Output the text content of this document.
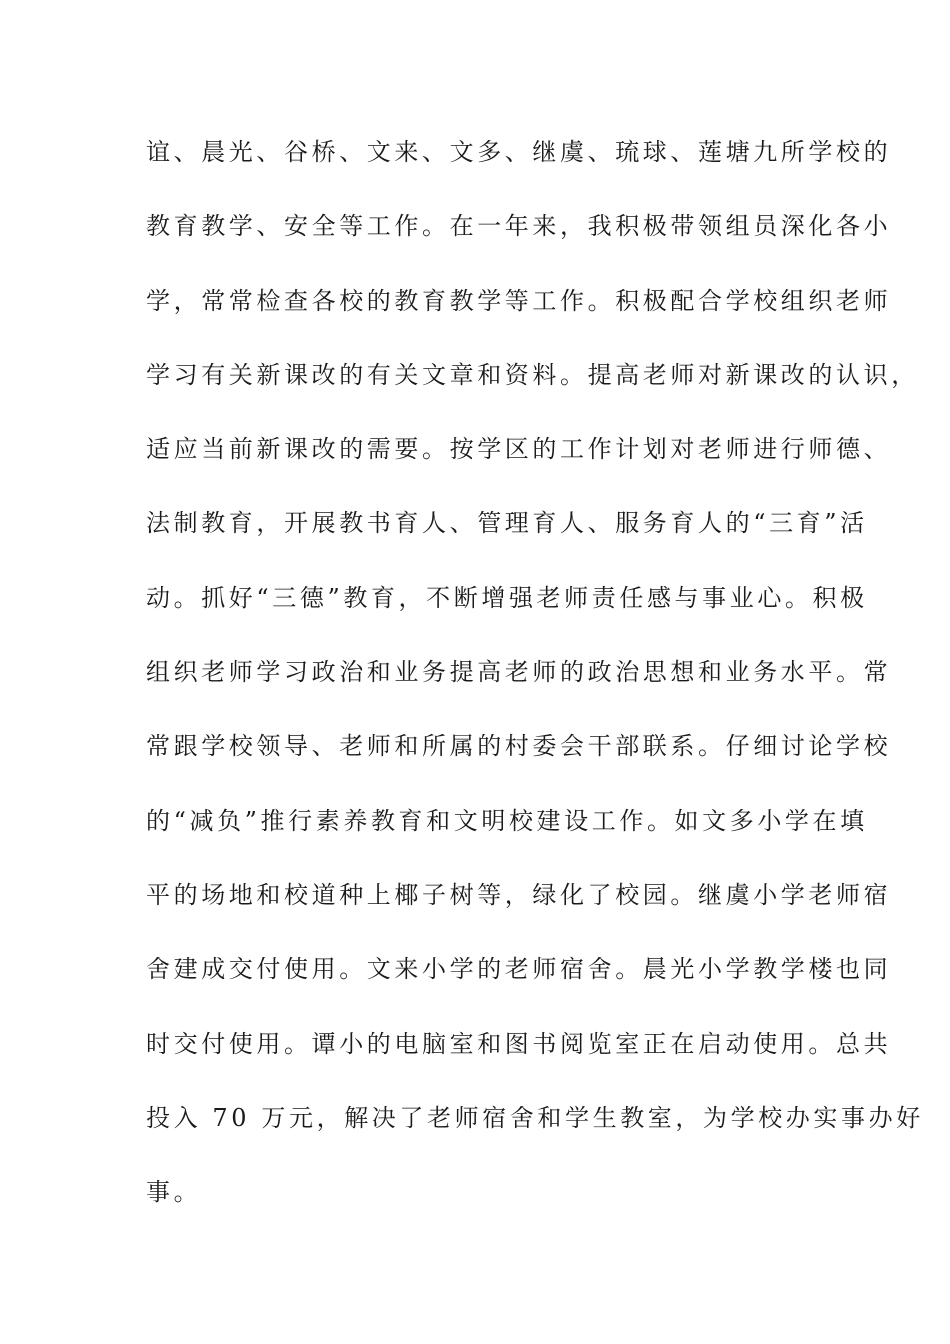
谊、晨光、谷桥、文来、文多、继虞、琉球、莲塘九所学校的
教育教学、安全等工作。在一年来，我积极带领组员深化各小
学，常常检查各校的教育教学等工作。积极配合学校组织老师
学习有关新课改的有关文章和资料。提高老师对新课改的认识，
适应当前新课改的需要。按学区的工作计划对老师进行师德、
法制教育，开展教书育人、管理育人、服务育人的“三育”活
动。抓好“三德”教育，不断增强老师责任感与事业心。积极
组织老师学习政治和业务提高老师的政治思想和业务水平。常
常跟学校领导、老师和所属的村委会干部联系。仔细讨论学校
的“减负”推行素养教育和文明校建设工作。如文多小学在填
平的场地和校道种上椰子树等，绿化了校园。继虞小学老师宿
舍建成交付使用。文来小学的老师宿舍。晨光小学教学楼也同
时交付使用。谭小的电脑室和图书阅览室正在启动使用。总共
投入 70 万元，解决了老师宿舍和学生教室，为学校办实事办好
事。
